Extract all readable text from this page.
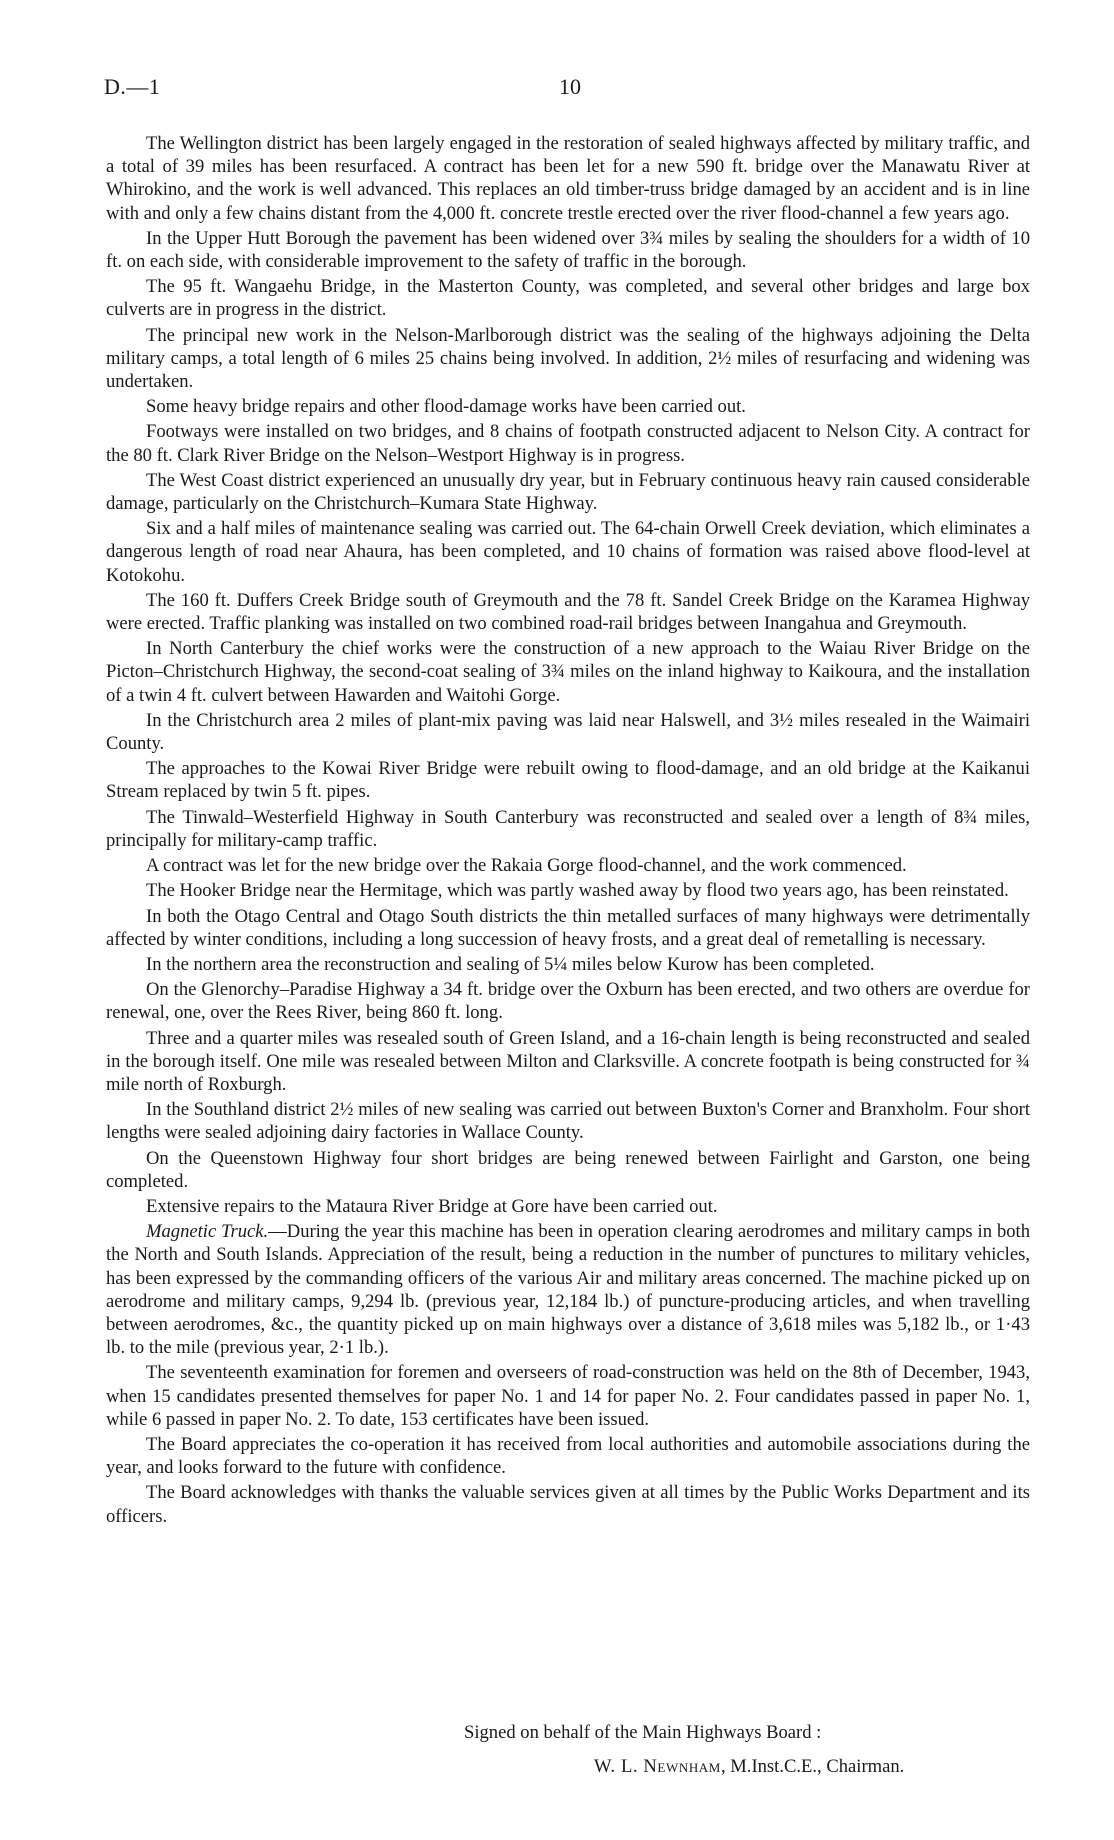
D.—1	10

The Wellington district has been largely engaged in the restoration of sealed highways affected by military traffic, and a total of 39 miles has been resurfaced. A contract has been let for a new 590 ft. bridge over the Manawatu River at Whirokino, and the work is well advanced. This replaces an old timber-truss bridge damaged by an accident and is in line with and only a few chains distant from the 4,000 ft. concrete trestle erected over the river flood-channel a few years ago.

In the Upper Hutt Borough the pavement has been widened over 3¾ miles by sealing the shoulders for a width of 10 ft. on each side, with considerable improvement to the safety of traffic in the borough.

The 95 ft. Wangaehu Bridge, in the Masterton County, was completed, and several other bridges and large box culverts are in progress in the district.

The principal new work in the Nelson-Marlborough district was the sealing of the highways adjoining the Delta military camps, a total length of 6 miles 25 chains being involved. In addition, 2½ miles of resurfacing and widening was undertaken.

Some heavy bridge repairs and other flood-damage works have been carried out.

Footways were installed on two bridges, and 8 chains of footpath constructed adjacent to Nelson City. A contract for the 80 ft. Clark River Bridge on the Nelson–Westport Highway is in progress.

The West Coast district experienced an unusually dry year, but in February continuous heavy rain caused considerable damage, particularly on the Christchurch–Kumara State Highway.

Six and a half miles of maintenance sealing was carried out. The 64-chain Orwell Creek deviation, which eliminates a dangerous length of road near Ahaura, has been completed, and 10 chains of formation was raised above flood-level at Kotokohu.

The 160 ft. Duffers Creek Bridge south of Greymouth and the 78 ft. Sandel Creek Bridge on the Karamea Highway were erected. Traffic planking was installed on two combined road-rail bridges between Inangahua and Greymouth.

In North Canterbury the chief works were the construction of a new approach to the Waiau River Bridge on the Picton–Christchurch Highway, the second-coat sealing of 3¾ miles on the inland highway to Kaikoura, and the installation of a twin 4 ft. culvert between Hawarden and Waitohi Gorge.

In the Christchurch area 2 miles of plant-mix paving was laid near Halswell, and 3½ miles resealed in the Waimairi County.

The approaches to the Kowai River Bridge were rebuilt owing to flood-damage, and an old bridge at the Kaikanui Stream replaced by twin 5 ft. pipes.

The Tinwald–Westerfield Highway in South Canterbury was reconstructed and sealed over a length of 8¾ miles, principally for military-camp traffic.

A contract was let for the new bridge over the Rakaia Gorge flood-channel, and the work commenced.

The Hooker Bridge near the Hermitage, which was partly washed away by flood two years ago, has been reinstated.

In both the Otago Central and Otago South districts the thin metalled surfaces of many highways were detrimentally affected by winter conditions, including a long succession of heavy frosts, and a great deal of remetalling is necessary.

In the northern area the reconstruction and sealing of 5¼ miles below Kurow has been completed.

On the Glenorchy–Paradise Highway a 34 ft. bridge over the Oxburn has been erected, and two others are overdue for renewal, one, over the Rees River, being 860 ft. long.

Three and a quarter miles was resealed south of Green Island, and a 16-chain length is being reconstructed and sealed in the borough itself. One mile was resealed between Milton and Clarksville. A concrete footpath is being constructed for ¾ mile north of Roxburgh.

In the Southland district 2½ miles of new sealing was carried out between Buxton's Corner and Branxholm. Four short lengths were sealed adjoining dairy factories in Wallace County.

On the Queenstown Highway four short bridges are being renewed between Fairlight and Garston, one being completed.

Extensive repairs to the Mataura River Bridge at Gore have been carried out.

Magnetic Truck.—During the year this machine has been in operation clearing aerodromes and military camps in both the North and South Islands. Appreciation of the result, being a reduction in the number of punctures to military vehicles, has been expressed by the commanding officers of the various Air and military areas concerned. The machine picked up on aerodrome and military camps, 9,294 lb. (previous year, 12,184 lb.) of puncture-producing articles, and when travelling between aerodromes, &c., the quantity picked up on main highways over a distance of 3,618 miles was 5,182 lb., or 1·43 lb. to the mile (previous year, 2·1 lb.).

The seventeenth examination for foremen and overseers of road-construction was held on the 8th of December, 1943, when 15 candidates presented themselves for paper No. 1 and 14 for paper No. 2. Four candidates passed in paper No. 1, while 6 passed in paper No. 2. To date, 153 certificates have been issued.

The Board appreciates the co-operation it has received from local authorities and automobile associations during the year, and looks forward to the future with confidence.

The Board acknowledges with thanks the valuable services given at all times by the Public Works Department and its officers.

Signed on behalf of the Main Highways Board :
W. L. Newnham, M.Inst.C.E., Chairman.
